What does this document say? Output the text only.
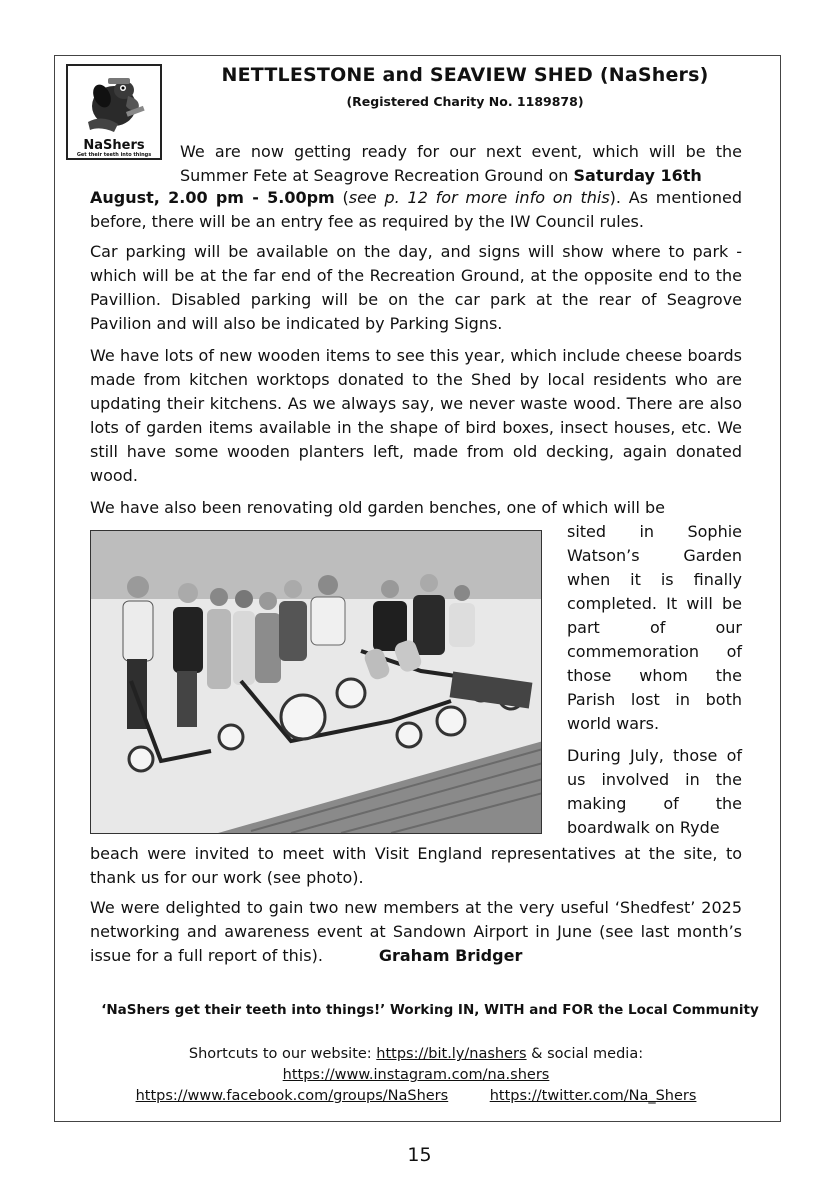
NaShers
Get their teeth into things
NETTLESTONE and SEAVIEW SHED (NaShers)
(Registered Charity No. 1189878)
We are now getting ready for our next event, which will be the Summer Fete at Seagrove Recreation Ground on Saturday 16th
August, 2.00 pm - 5.00pm (see p. 12 for more info on this). As mentioned before, there will be an entry fee as required by the IW Council rules.
Car parking will be available on the day, and signs will show where to park - which will be at the far end of the Recreation Ground, at the opposite end to the Pavillion. Disabled parking will be on the car park at the rear of Seagrove Pavilion and will also be indicated by Parking Signs.
We have lots of new wooden items to see this year, which include cheese boards made from kitchen worktops donated to the Shed by local residents who are updating their kitchens. As we always say, we never waste wood. There are also lots of garden items available in the shape of bird boxes, insect houses, etc. We still have some wooden planters left, made from old decking, again donated wood.
We have also been renovating old garden benches, one of which will be
sited in Sophie Watson’s Garden when it is finally completed. It will be part of our commemoration of those whom the Parish lost in both world wars.
During July, those of us involved in the making of the boardwalk on Ryde
beach were invited to meet with Visit England representatives at the site, to thank us for our work (see photo).
We were delighted to gain two new members at the very useful ‘Shedfest’ 2025 networking and awareness event at Sandown Airport in June (see last month’s issue for a full report of this).	Graham Bridger
‘NaShers get their teeth into things!’ Working IN, WITH and FOR the Local Community
Shortcuts to our website: https://bit.ly/nashers & social media:
https://www.instagram.com/na.shers
https://www.facebook.com/groups/NaShers	https://twitter.com/Na_Shers
15
